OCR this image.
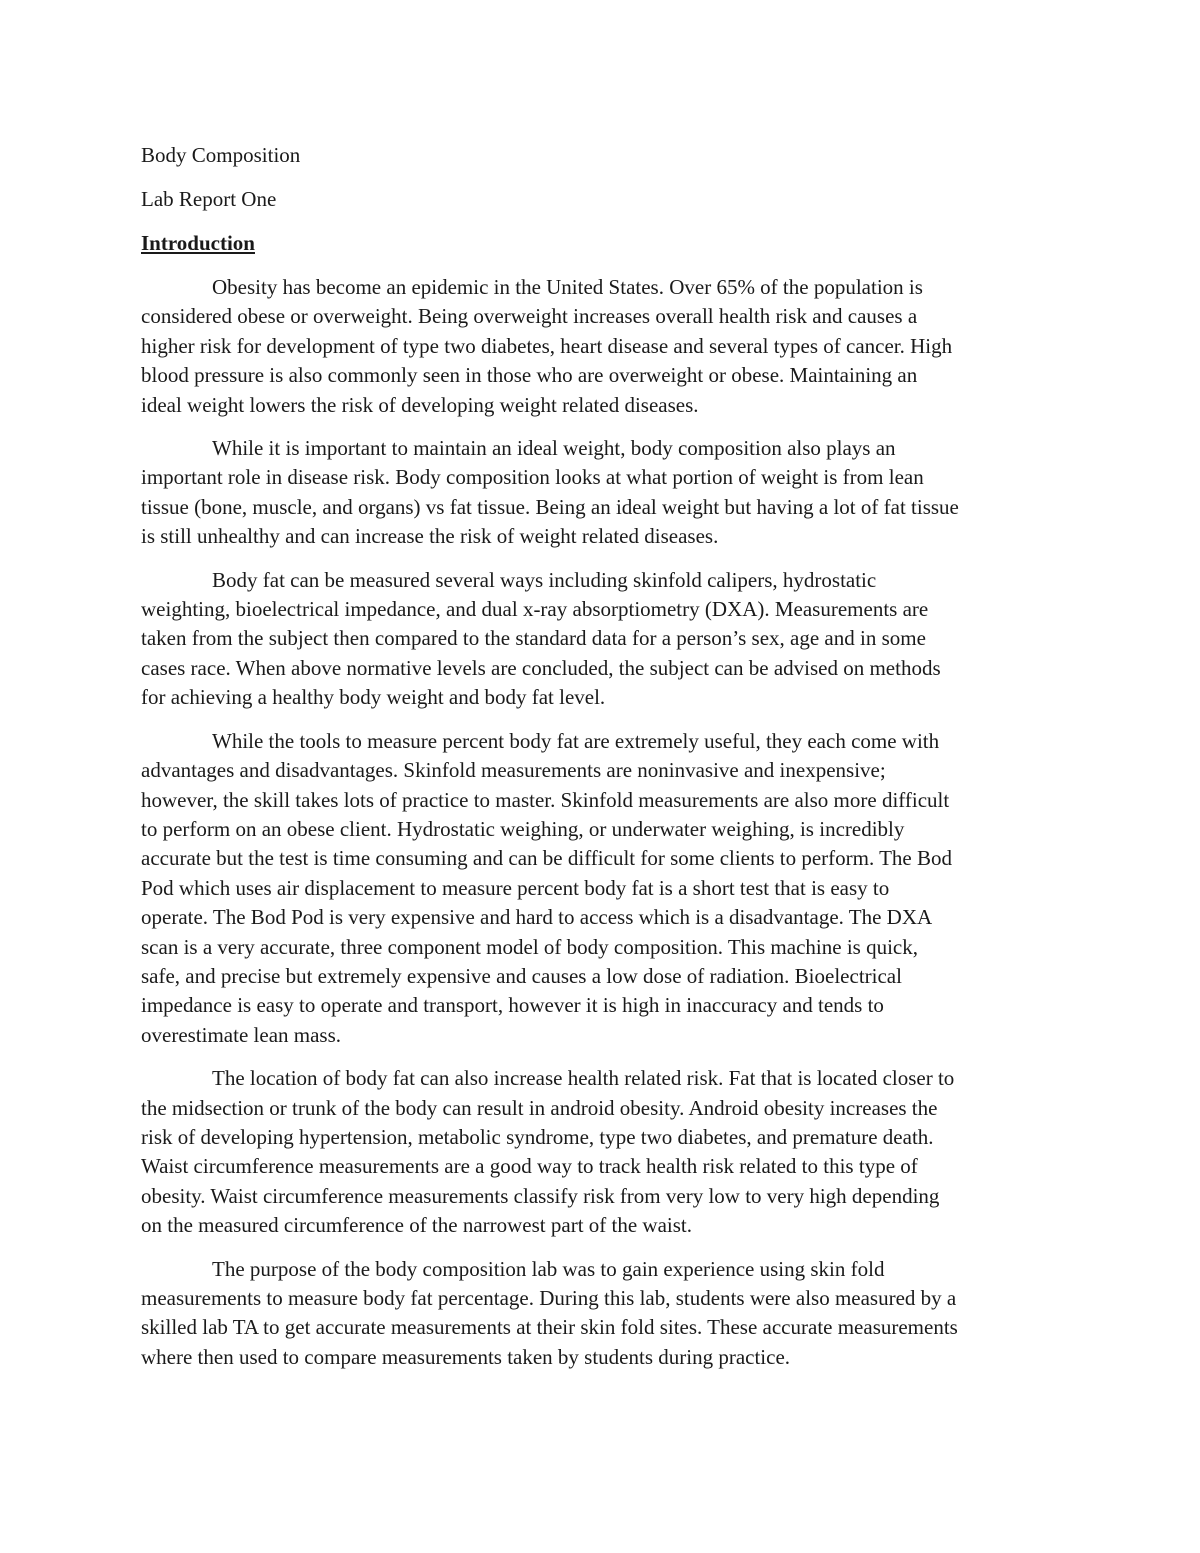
Body Composition
Lab Report One
Introduction
Obesity has become an epidemic in the United States. Over 65% of the population is
considered obese or overweight. Being overweight increases overall health risk and causes a
higher risk for development of type two diabetes, heart disease and several types of cancer. High
blood pressure is also commonly seen in those who are overweight or obese. Maintaining an
ideal weight lowers the risk of developing weight related diseases.
While it is important to maintain an ideal weight, body composition also plays an
important role in disease risk. Body composition looks at what portion of weight is from lean
tissue (bone, muscle, and organs) vs fat tissue. Being an ideal weight but having a lot of fat tissue
is still unhealthy and can increase the risk of weight related diseases.
Body fat can be measured several ways including skinfold calipers, hydrostatic
weighting, bioelectrical impedance, and dual x-ray absorptiometry (DXA). Measurements are
taken from the subject then compared to the standard data for a person’s sex, age and in some
cases race. When above normative levels are concluded, the subject can be advised on methods
for achieving a healthy body weight and body fat level.
While the tools to measure percent body fat are extremely useful, they each come with
advantages and disadvantages. Skinfold measurements are noninvasive and inexpensive;
however, the skill takes lots of practice to master. Skinfold measurements are also more difficult
to perform on an obese client. Hydrostatic weighing, or underwater weighing, is incredibly
accurate but the test is time consuming and can be difficult for some clients to perform. The Bod
Pod which uses air displacement to measure percent body fat is a short test that is easy to
operate. The Bod Pod is very expensive and hard to access which is a disadvantage. The DXA
scan is a very accurate, three component model of body composition. This machine is quick,
safe, and precise but extremely expensive and causes a low dose of radiation. Bioelectrical
impedance is easy to operate and transport, however it is high in inaccuracy and tends to
overestimate lean mass.
The location of body fat can also increase health related risk. Fat that is located closer to
the midsection or trunk of the body can result in android obesity. Android obesity increases the
risk of developing hypertension, metabolic syndrome, type two diabetes, and premature death.
Waist circumference measurements are a good way to track health risk related to this type of
obesity. Waist circumference measurements classify risk from very low to very high depending
on the measured circumference of the narrowest part of the waist.
The purpose of the body composition lab was to gain experience using skin fold
measurements to measure body fat percentage. During this lab, students were also measured by a
skilled lab TA to get accurate measurements at their skin fold sites. These accurate measurements
where then used to compare measurements taken by students during practice.
